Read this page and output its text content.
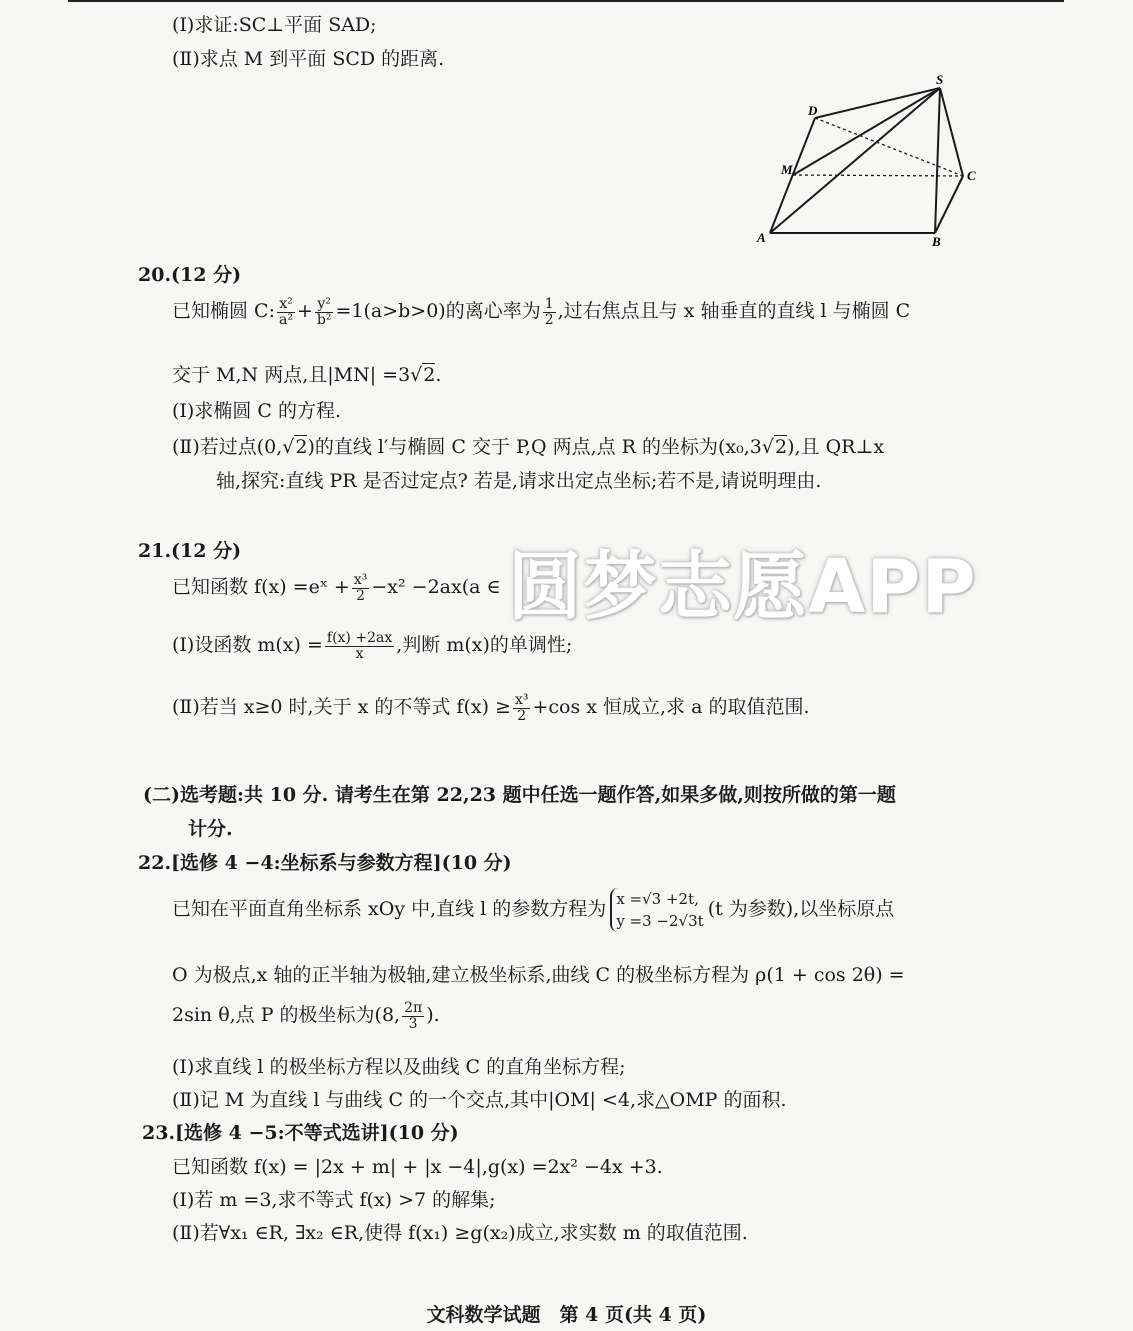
(Ⅰ)求证:SC⊥平面 SAD;
(Ⅱ)求点 M 到平面 SCD 的距离.
S
D
M	C
A	B
20.(12 分)
已知椭圆 C: $\frac{\text{x²}}{\text{a²}} + \frac{\text{y²}}{\text{b²}} =1(a>b>0)$的离心率为 $\frac{1}{2}$ ,过右焦点且与 x 轴垂直的直线 l 与椭圆 C
交于 M,N 两点,且|MN| =3√2.
(Ⅰ)求椭圆 C 的方程.
(Ⅱ)若过点(0,√2)的直线 l′与椭圆 C 交于 P,Q 两点,点 R 的坐标为(x₀,3√2),且 QR⊥x
轴,探究:直线 PR 是否过定点? 若是,请求出定点坐标;若不是,请说明理由.
21.(12 分)
已知函数 f(x) =eˣ + $\frac{\text{x³}}{2} -x^2 -2ax(a$ ∈
(Ⅰ)设函数 $m(x) = \frac{f(x) +2ax}{x}$ ,判断 m(x)的单调性;
(Ⅱ)若当 x≥0 时,关于 x 的不等式 $f(x) \ge \frac{\text{x³}}{2} +\cos$ x 恒成立,求 a 的取值范围.
(二)选考题:共 10 分. 请考生在第 22,23 题中任选一题作答,如果多做,则按所做的第一题
计分.
22.[选修 4 −4:坐标系与参数方程](10 分)
已知在平面直角坐标系 xOy 中,直线 l 的参数方程为 x =√3 +2t,
y =3 −2√3t
(t 为参数),以坐标原点
O 为极点,x 轴的正半轴为极轴,建立极坐标系,曲线 C 的极坐标方程为 ρ(1 + cos 2θ) =
2sin θ,点 P 的极坐标为(8, $\frac{2\pi}{3}$ ).
(Ⅰ)求直线 l 的极坐标方程以及曲线 C 的直角坐标方程;
(Ⅱ)记 M 为直线 l 与曲线 C 的一个交点,其中|OM| <4,求△OMP 的面积.
23.[选修 4 −5:不等式选讲](10 分)
已知函数 f(x) = |2x + m| + |x −4|,g(x) =2x² −4x +3.
(Ⅰ)若 m =3,求不等式 f(x) >7 的解集;
(Ⅱ)若∀x₁ ∈R, ∃x₂ ∈R,使得 f(x₁) ≥g(x₂)成立,求实数 m 的取值范围.
圆梦志愿APP
文科数学试题　第 4 页(共 4 页)
